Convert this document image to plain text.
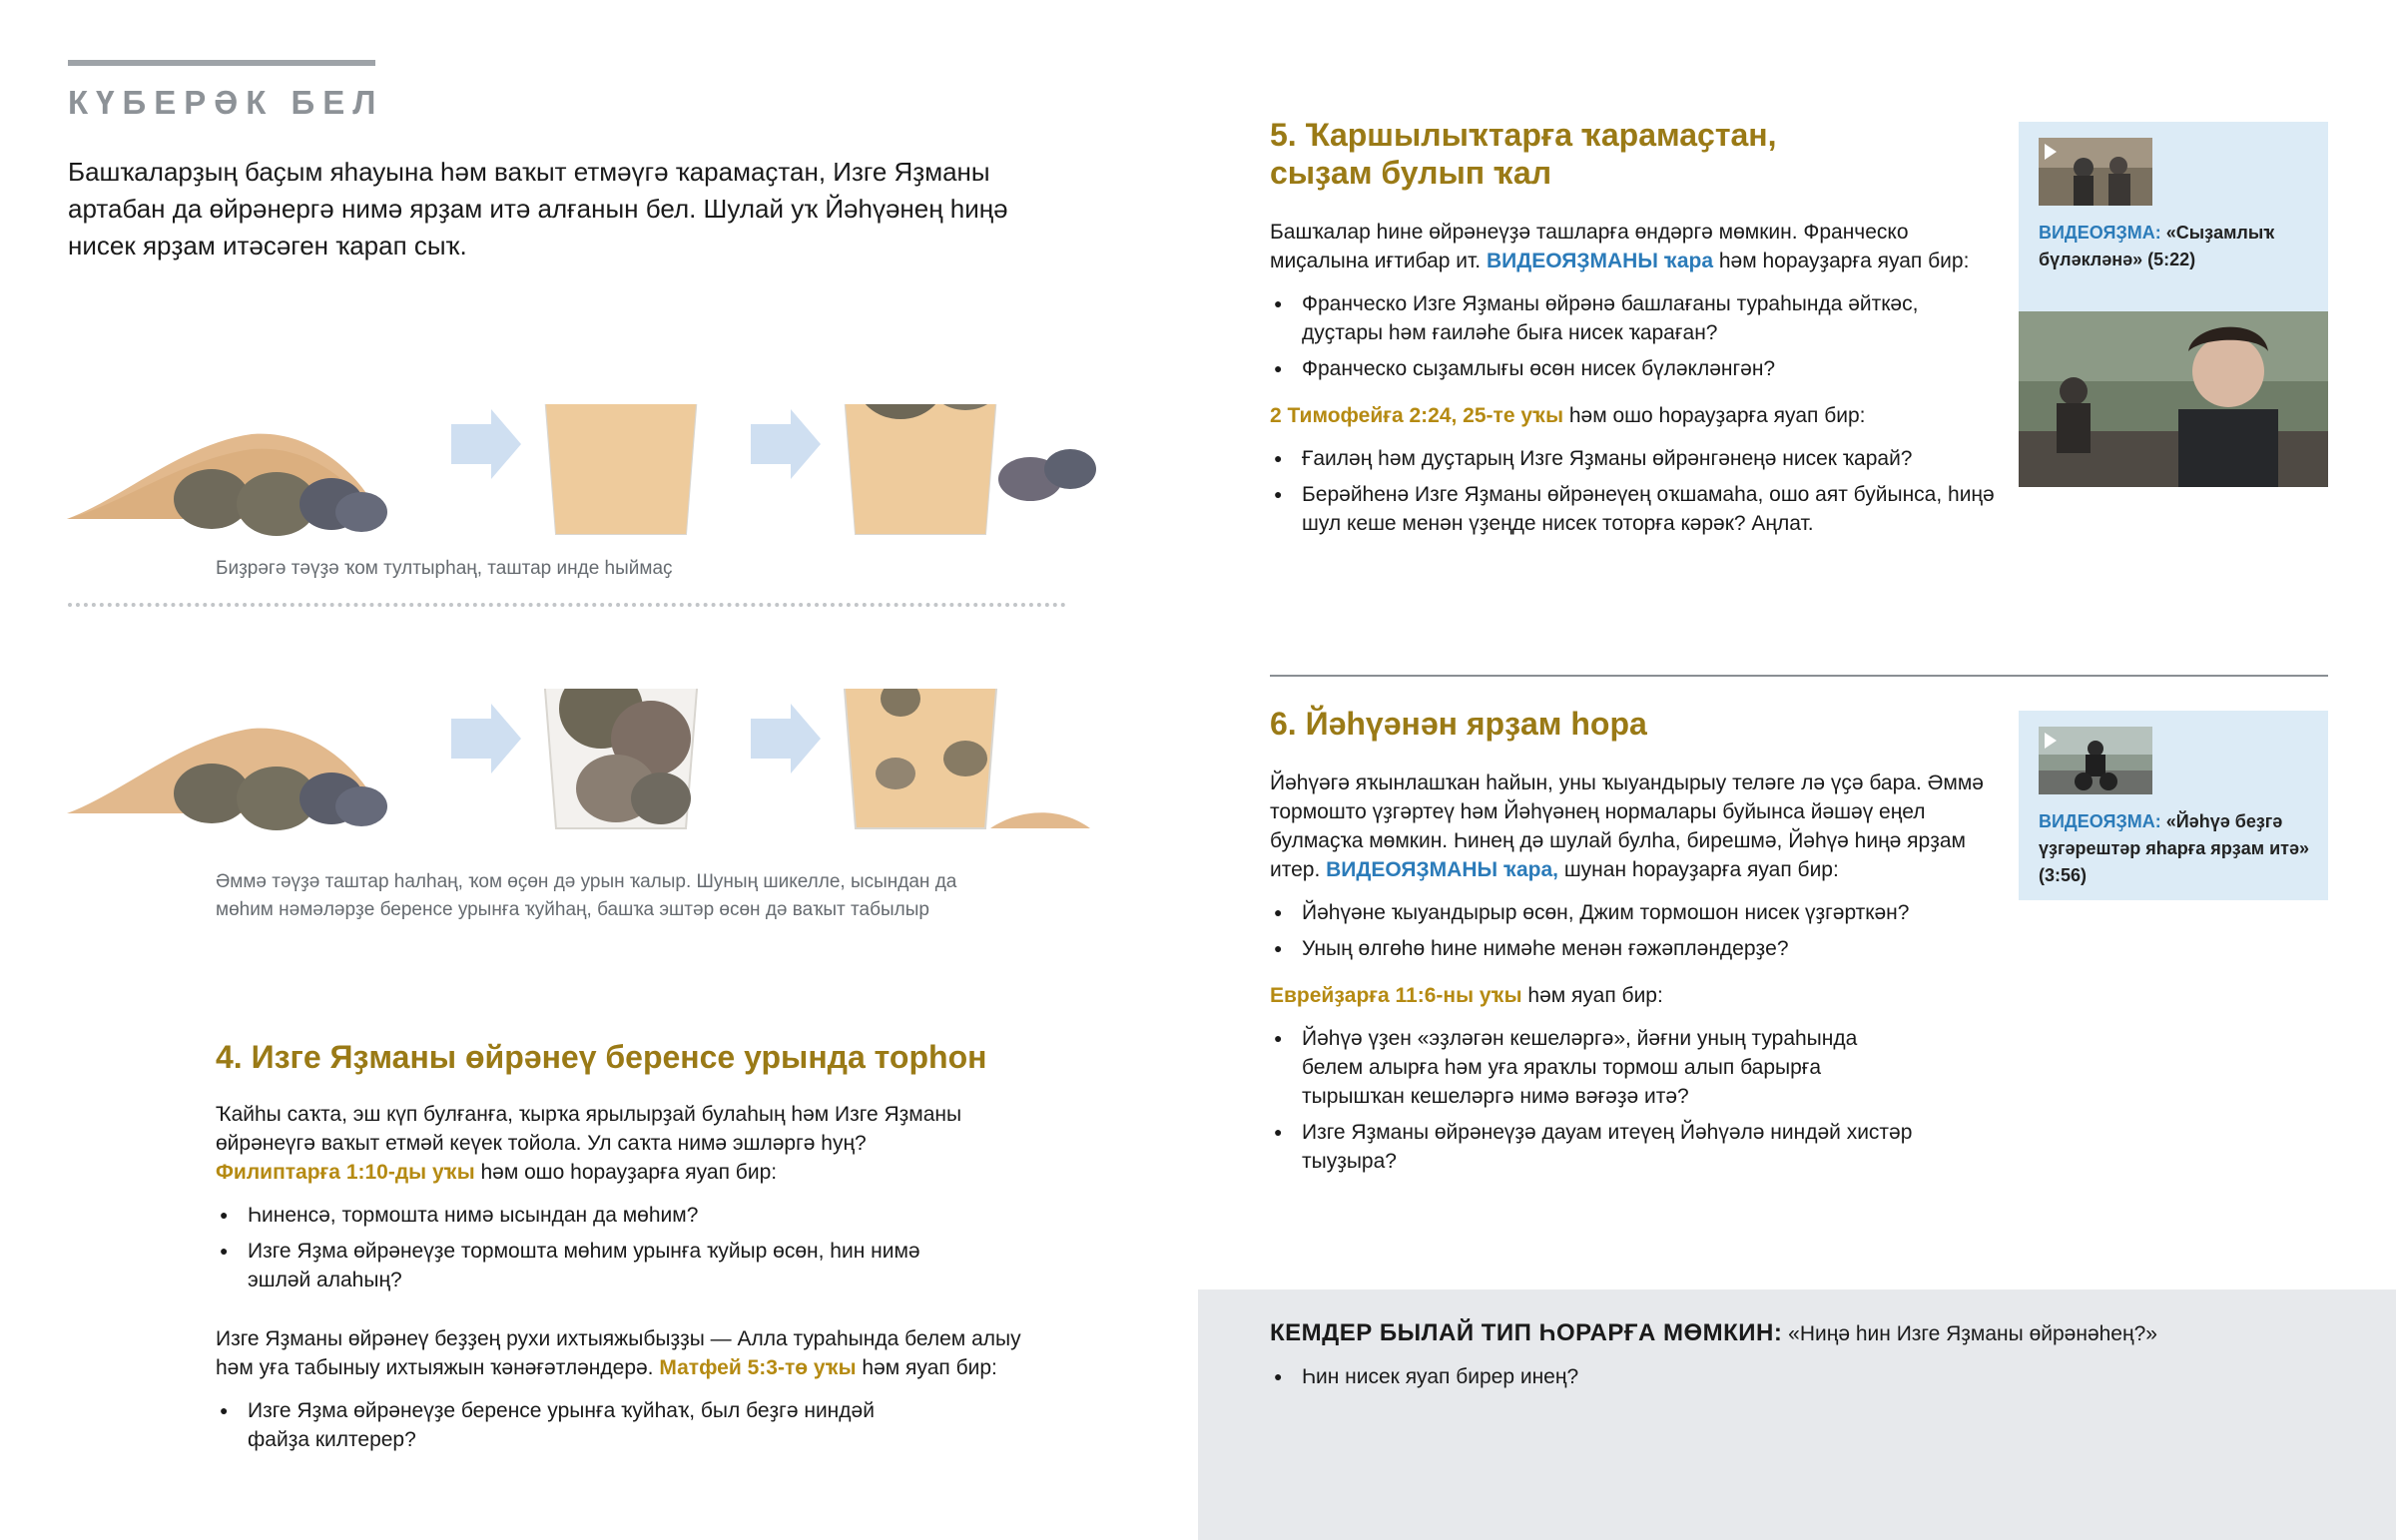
КҮБЕРӘК БЕЛ
Башҡаларҙың баҫым яһауына һәм ваҡыт етмәүгә ҡарамаҫтан, Изге Яҙманы артабан да өйрәнергә нимә ярҙам итә алғанын бел. Шулай уҡ Йәһүәнең һиңә нисек ярҙам итәсәген ҡарап сыҡ.
Биҙрәгә тәүҙә ҡом тултырһаң, таштар инде һыймаҫ
Әммә тәүҙә таштар һалһаң, ҡом өҫөн дә урын ҡалыр. Шуның шикелле, ысындан да
мөһим нәмәләрҙе беренсе урынға ҡуйһаң, башҡа эштәр өсөн дә ваҡыт табылыр
4. Изге Яҙманы өйрәнеү беренсе урында торһон

Ҡайһы саҡта, эш күп булғанға, ҡырҡа ярылырҙай булаһың һәм Изге Яҙманы өйрәнеүгә ваҡыт етмәй кеүек тойола. Ул саҡта нимә эшләргә һуң?
Филиптарға 1:10-ды уҡы һәм ошо һорауҙарға яуап бир:

● Һиненсә, тормошта нимә ысындан да мөһим?
● Изге Яҙма өйрәнеүҙе тормошта мөһим урынға ҡуйыр өсөн, һин нимә эшләй алаһың?

Изге Яҙманы өйрәнеү беҙҙең рухи ихтыяжыбыҙҙы — Алла тураһында белем алыу һәм уға табыныу ихтыяжын ҡәнәғәтләндерә. Матфей 5:3-тө уҡы һәм яуап бир:

● Изге Яҙма өйрәнеүҙе беренсе урынға ҡуйһаҡ, был беҙгә ниндәй файҙа килтерер?
5. Ҡаршылыҡтарға ҡарамаҫтан,
сыҙам булып ҡал

Башҡалар һине өйрәнеүҙә ташларға өндәргә мөмкин. Франческо миҫалына иғтибар ит. ВИДЕОЯҘМАНЫ ҡара һәм һорауҙарға яуап бир:

● Франческо Изге Яҙманы өйрәнә башлағаны тураһында әйткәс, дуҫтары һәм ғаиләһе быға нисек ҡараған?
● Франческо сыҙамлығы өсөн нисек бүләкләнгән?

2 Тимофейға 2:24, 25-те уҡы һәм ошо һорауҙарға яуап бир:

● Ғаиләң һәм дуҫтарың Изге Яҙманы өйрәнгәнеңә нисек ҡарай?
● Берәйһенә Изге Яҙманы өйрәнеүең оҡшамаһа, ошо аят буйынса, һиңә шул кеше менән үҙеңде нисек тоторға кәрәк? Аңлат.
ВИДЕОЯҘМА: «Сыҙамлыҡ бүләкләнә» (5:22)
6. Йәһүәнән ярҙам һора

Йәһүәгә яҡынлашҡан һайын, уны ҡыуандырыу теләге лә үҫә бара. Әммә тормошто үҙгәртеү һәм Йәһүәнең нормалары буйынса йәшәү еңел булмаҫҡа мөмкин. Һинең дә шулай булһа, бирешмә, Йәһүә һиңә ярҙам итер. ВИДЕОЯҘМАНЫ ҡара, шунан һорауҙарға яуап бир:

● Йәһүәне ҡыуандырыр өсөн, Джим тормошон нисек үҙгәрткән?
● Уның өлгөһө һине нимәһе менән ғәжәпләндерҙе?

Еврейҙарға 11:6-ны уҡы һәм яуап бир:

● Йәһүә үҙен «эҙләгән кешеләргә», йәғни уның тураһында белем алырға һәм уға яраҡлы тормош алып барырға тырышҡан кешеләргә нимә вәғәҙә итә?
● Изге Яҙманы өйрәнеүҙә дауам итеүең Йәһүәлә ниндәй хистәр тыуҙыра?
ВИДЕОЯҘМА: «Йәһүә беҙгә үҙгәрештәр яһарға ярҙам итә» (3:56)
КЕМДЕР БЫЛАЙ ТИП ҺОРАРҒА МӨМКИН: «Ниңә һин Изге Яҙманы өйрәнәһең?»
● Һин нисек яуап бирер инең?
